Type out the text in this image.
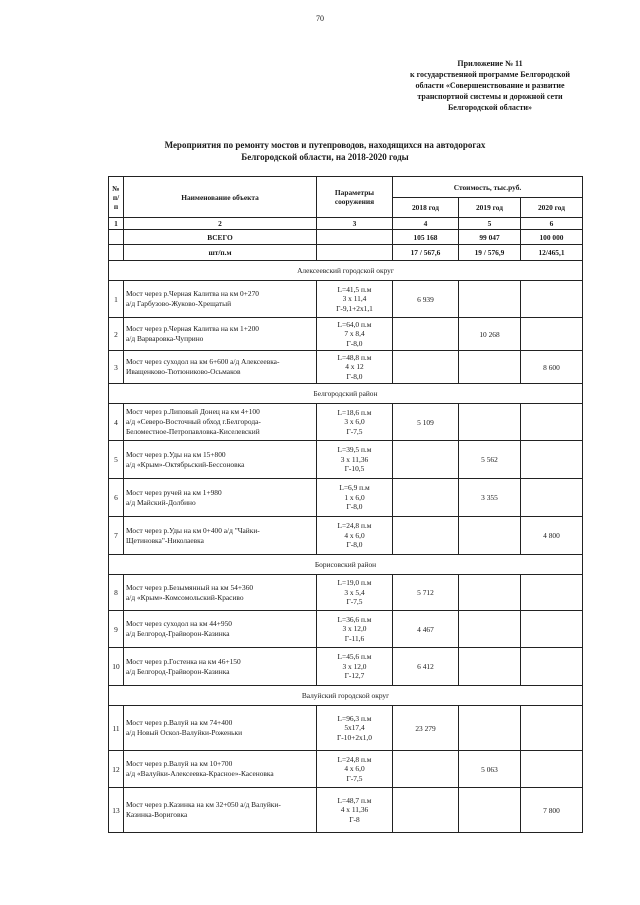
70
Приложение № 11
к государственной программе Белгородской
области «Совершенствование и развитие
транспортной системы и дорожной сети
Белгородской области»
Мероприятия по ремонту мостов и путепроводов, находящихся на автодорогах
Белгородской области, на 2018-2020 годы
№
п/п	Наименование объекта	Параметры
сооружения	Стоимость, тыс.руб.		
			2018 год	2019 год	2020 год
1	2	3	4	5	6
	ВСЕГО		105 168	99 047	100 000
	шт/п.м		17 / 567,6	19 / 576,9	12/465,1
Алексеевский городской округ					
1	Мост через р.Черная Калитва на км 0+270
а/д Гарбузово-Жуково-Хрещатый	L=41,5 п.м
3 х 11,4
Г-9,1+2х1,1	6 939		
2	Мост через р.Черная Калитва на км 1+200
а/д Варваровка-Чуприно	L=64,0 п.м
7 х 8,4
Г-8,0		10 268	
3	Мост через суходол на км 6+600 а/д Алексеевка-
Иващенково-Тютюниково-Осьмаков	L=48,8 п.м
4 х 12
Г-8,0			8 600
Белгородский район					
4	Мост через р.Липовый Донец на км 4+100
а/д «Северо-Восточный обход г.Белгорода-
Беломестное-Петропавловка-Киселевский	L=18,6 п.м
3 х 6,0
Г-7,5	5 109		
5	Мост через р.Уды на км 15+800
а/д «Крым»-Октябрьский-Бессоновка	L=39,5 п.м
3 х 11,36
Г-10,5		5 562	
6	Мост через ручей на км 1+980
а/д Майский-Долбино	L=6,9 п.м
1 х 6,0
Г-8,0		3 355	
7	Мост через р.Уды на км 0+400 а/д "Чайки-
Щетиновка"-Николаевка	L=24,8 п.м
4 х 6,0
Г-8,0			4 800
Борисовский район					
8	Мост через р.Безымянный на км 54+360
а/д «Крым»-Комсомольский-Красиво	L=19,0 п.м
3 х 5,4
Г-7,5	5 712		
9	Мост через суходол на км 44+950
а/д Белгород-Грайворон-Казинка	L=36,6 п.м
3 х 12,0
Г-11,6	4 467		
10	Мост через р.Гостенка на км 46+150
а/д Белгород-Грайворон-Казинка	L=45,6 п.м
3 х 12,0
Г-12,7	6 412		
Валуйский городской округ					
11	Мост через р.Валуй на км 74+400
а/д Новый Оскол-Валуйки-Роженьки	L=96,3 п.м
5х17,4
Г-10+2х1,0	23 279		
12	Мост через р.Валуй на км 10+700
а/д «Валуйки-Алексеевка-Красное»-Касеновка	L=24,8 п.м
4 х 6,0
Г-7,5		5 063	
13	Мост через р.Казинка на км 32+050 а/д Валуйки-
Казинка-Вориговка	L=48,7 п.м
4 х 11,36
Г-8			7 800
